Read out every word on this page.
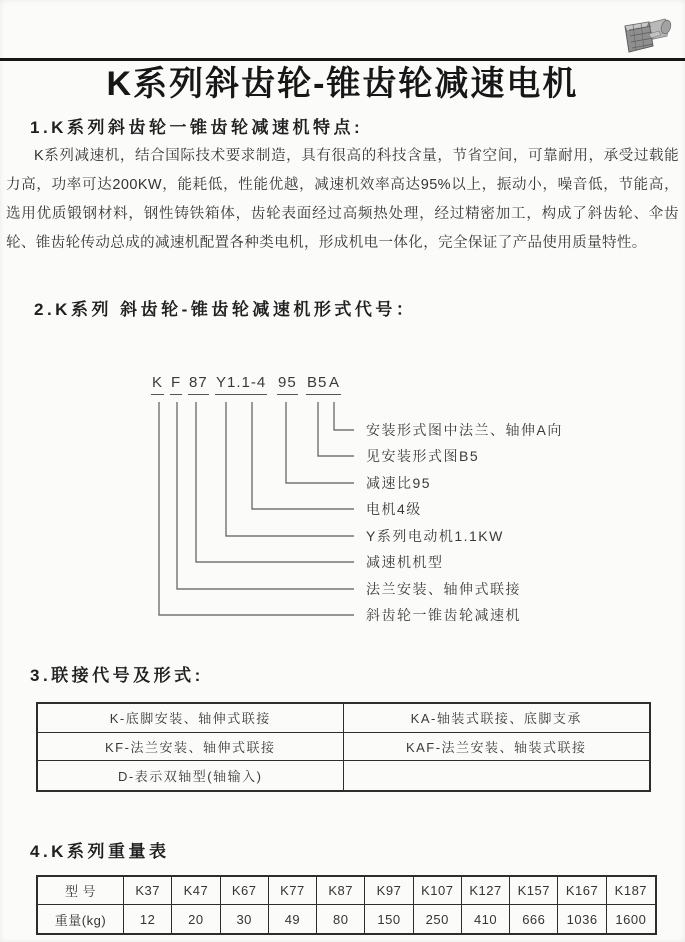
K系列斜齿轮-锥齿轮减速电机
1.K系列斜齿轮一锥齿轮减速机特点:
K系列减速机，结合国际技术要求制造，具有很高的科技含量，节省空间，可靠耐用，承受过载能力高，功率可达200KW，能耗低，性能优越，减速机效率高达95%以上，振动小，噪音低，节能高，选用优质锻钢材料，钢性铸铁箱体，齿轮表面经过高频热处理，经过精密加工，构成了斜齿轮、伞齿轮、锥齿轮传动总成的减速机配置各种类电机，形成机电一体化，完全保证了产品使用质量特性。
2.K系列 斜齿轮-锥齿轮减速机形式代号：
K F 87 Y1.1-4 95 B5 A
安装形式图中法兰、轴伸A向
见安装形式图B5
减速比95
电机4级
Y系列电动机1.1KW
减速机机型
法兰安装、轴伸式联接
斜齿轮一锥齿轮减速机
3.联接代号及形式:
K-底脚安装、轴伸式联接	KA-轴装式联接、底脚支承
KF-法兰安装、轴伸式联接	KAF-法兰安装、轴装式联接
D-表示双轴型(轴输入)
4.K系列重量表
型 号	K37	K47	K67	K77	K87	K97	K107	K127	K157	K167	K187
重量(kg)	12	20	30	49	80	150	250	410	666	1036	1600
